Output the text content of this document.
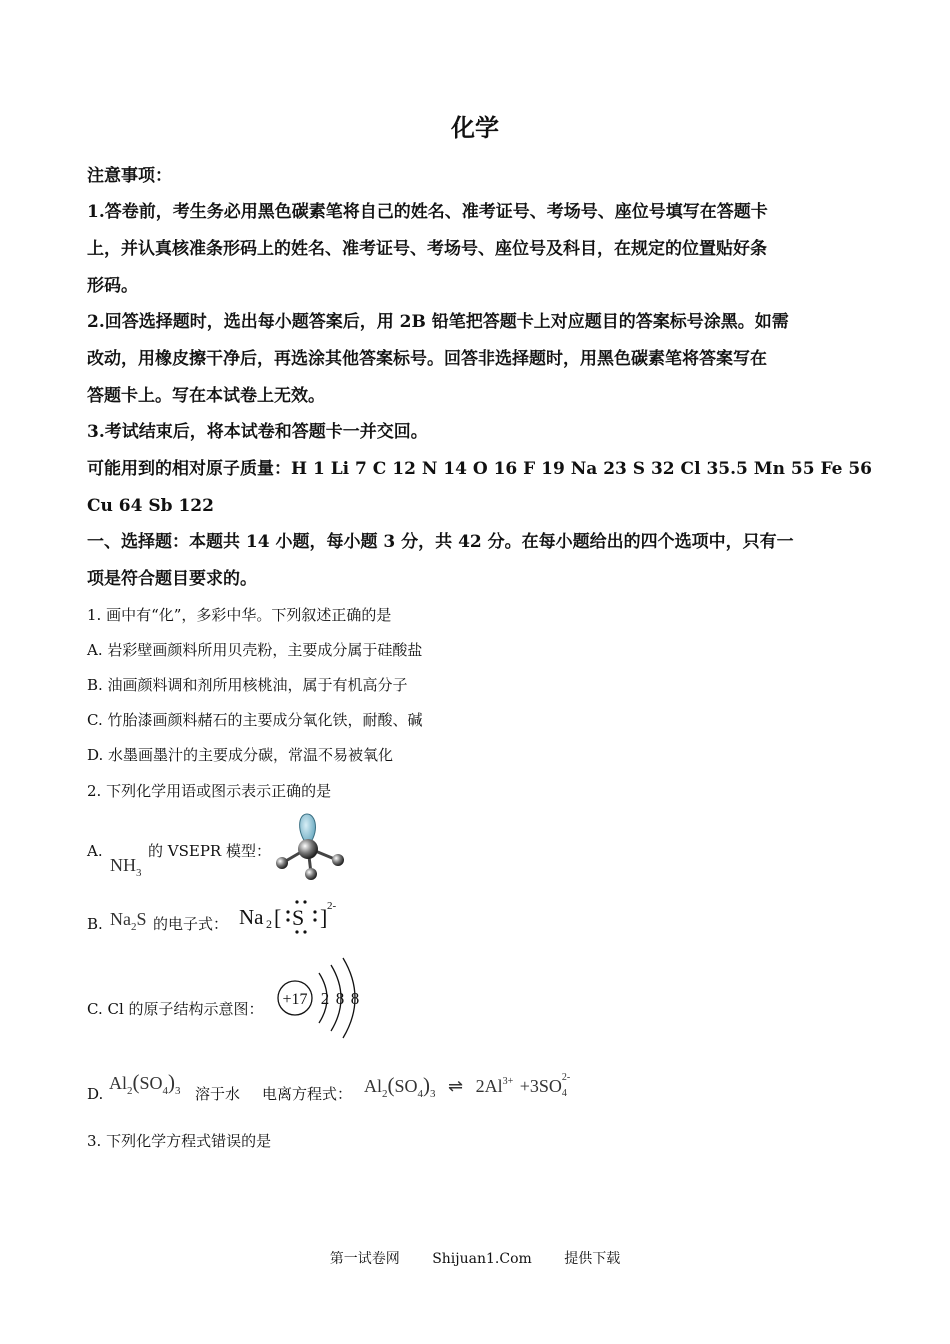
化学
注意事项：
1.答卷前，考生务必用黑色碳素笔将自己的姓名、准考证号、考场号、座位号填写在答题卡
上，并认真核准条形码上的姓名、准考证号、考场号、座位号及科目，在规定的位置贴好条
形码。
2.回答选择题时，选出每小题答案后，用 2B 铅笔把答题卡上对应题目的答案标号涂黑。如需
改动，用橡皮擦干净后，再选涂其他答案标号。回答非选择题时，用黑色碳素笔将答案写在
答题卡上。写在本试卷上无效。
3.考试结束后，将本试卷和答题卡一并交回。
可能用到的相对原子质量：H 1 Li 7 C 12 N 14 O 16 F 19 Na 23 S 32 Cl 35.5 Mn 55 Fe 56
Cu 64 Sb 122
一、选择题：本题共 14 小题，每小题 3 分，共 42 分。在每小题给出的四个选项中，只有一
项是符合题目要求的。
1. 画中有“化”，多彩中华。下列叙述正确的是
A. 岩彩壁画颜料所用贝壳粉，主要成分属于硅酸盐
B. 油画颜料调和剂所用核桃油，属于有机高分子
C. 竹胎漆画颜料赭石的主要成分氧化铁，耐酸、碱
D. 水墨画墨汁的主要成分碳，常温不易被氧化
2. 下列化学用语或图示表示正确的是
A.
$NH_3$
的 VSEPR 模型：
B. $Na_2S$ 的电子式： Na 2 [ S ] 2-
C. Cl 的原子结构示意图：
+17 2 8 8
D.
$Al_2(SO_4)_3$ 溶于水 电离方程式： $Al_2(SO_4)_3$ ⇌ $2Al^{3+} +3SO$ 2-
4
3. 下列化学方程式错误的是
第一试卷网 Shijuan1.Com 提供下载
